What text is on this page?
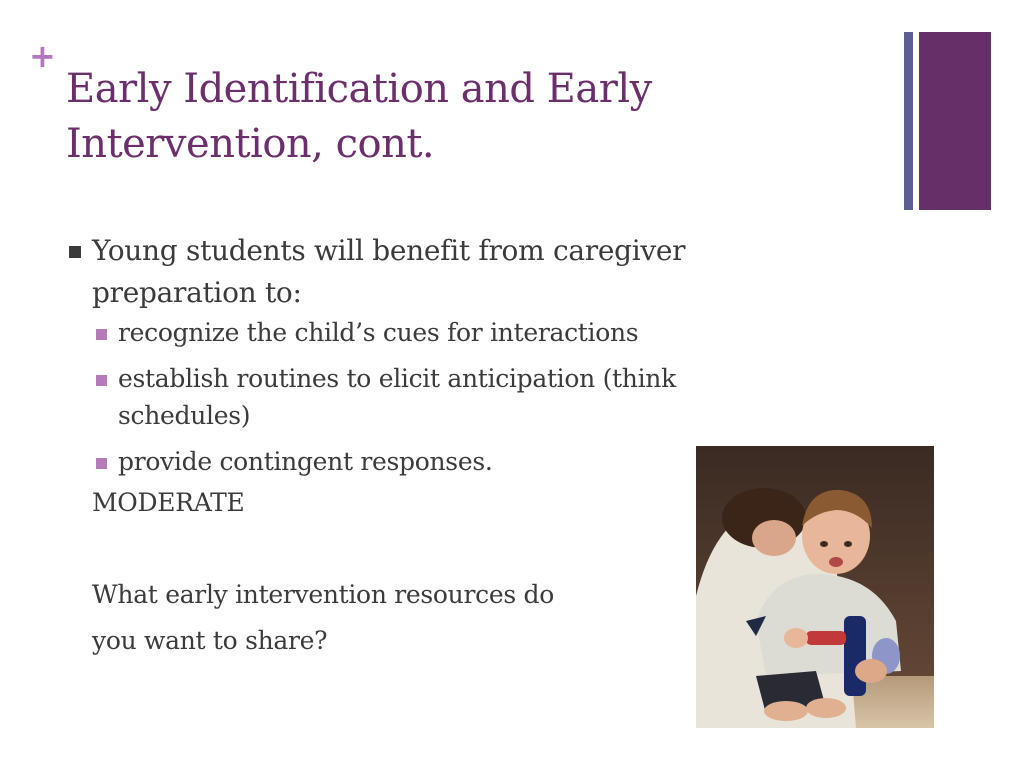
+
Early Identification and Early Intervention, cont.

Young students will benefit from caregiver preparation to:

recognize the child’s cues for interactions

establish routines to elicit anticipation (think schedules)

provide contingent responses.

MODERATE

What early intervention resources do

you want to share?
